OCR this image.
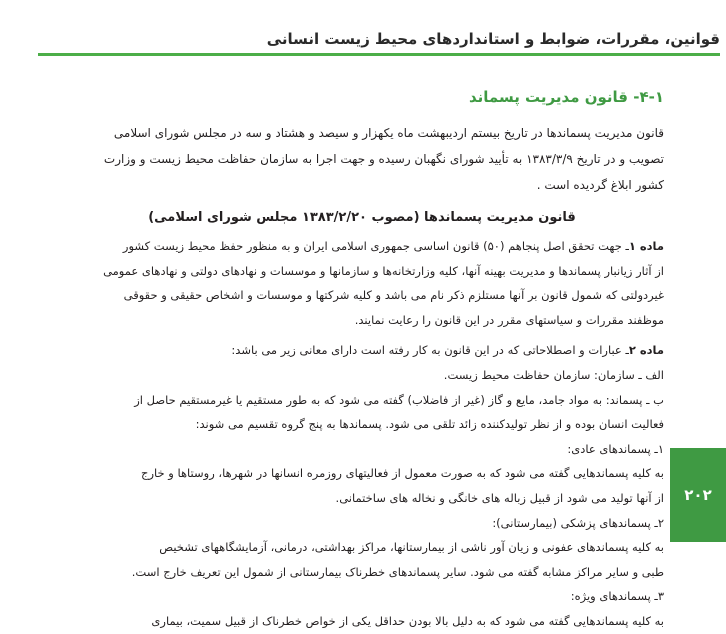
قوانین، مقررات، ضوابط و استانداردهای محیط زیست انسانی
۲۰۲
۴-۱- قانون مدیریت پسماند

قانون مدیریت پسماندها در تاریخ بیستم اردیبهشت ماه یکهزار و سیصد و هشتاد و سه در مجلس شورای اسلامی

تصویب و در تاریخ ۱۳۸۳/۳/۹ به تأیید شورای نگهبان رسیده و جهت اجرا به سازمان حفاظت محیط زیست و وزارت

کشور ابلاغ گردیده است .

قانون مدیریت پسماندها (مصوب ۱۳۸۳/۲/۲۰ مجلس شورای اسلامی)
ماده ۱ـ جهت تحقق اصل پنجاهم (۵۰) قانون اساسی جمهوری اسلامی ایران و به منظور حفظ محیط زیست کشور
از آثار زیانبار پسماندها و مدیریت بهینه آنها، کلیه وزارتخانه‌ها و سازمانها و موسسات و نهادهای دولتی و نهادهای عمومی
غیردولتی که شمول قانون بر آنها مستلزم ذکر نام می باشد و کلیه شرکتها و موسسات و اشخاص حقیقی و حقوقی
موظفند مقررات و سیاستهای مقرر در این قانون را رعایت نمایند.
ماده ۲ـ عبارات و اصطلاحاتی که در این قانون به کار رفته است دارای معانی زیر می باشد:
الف ـ سازمان: سازمان حفاظت محیط زیست.
ب ـ پسماند: به مواد جامد، مایع و گاز (غیر از فاضلاب) گفته می شود که به طور مستقیم یا غیرمستقیم حاصل از
فعالیت انسان بوده و از نظر تولیدکننده زائد تلقی می شود. پسماندها به پنج گروه تقسیم می شوند:
۱ـ پسماندهای عادی:
به کلیه پسماندهایی گفته می شود که به صورت معمول از فعالیتهای روزمره انسانها در شهرها، روستاها و خارج
از آنها تولید می شود از قبیل زباله های خانگی و نخاله های ساختمانی.
۲ـ پسماندهای پزشکی (بیمارستانی):
به کلیه پسماندهای عفونی و زیان آور ناشی از بیمارستانها، مراکز بهداشتی، درمانی، آزمایشگاههای تشخیص
طبی و سایر مراکز مشابه گفته می شود. سایر پسماندهای خطرناک بیمارستانی از شمول این تعریف خارج است.
۳ـ پسماندهای ویژه:
به کلیه پسماندهایی گفته می شود که به دلیل بالا بودن حداقل یکی از خواص خطرناک از قبیل سمیت، بیماری
